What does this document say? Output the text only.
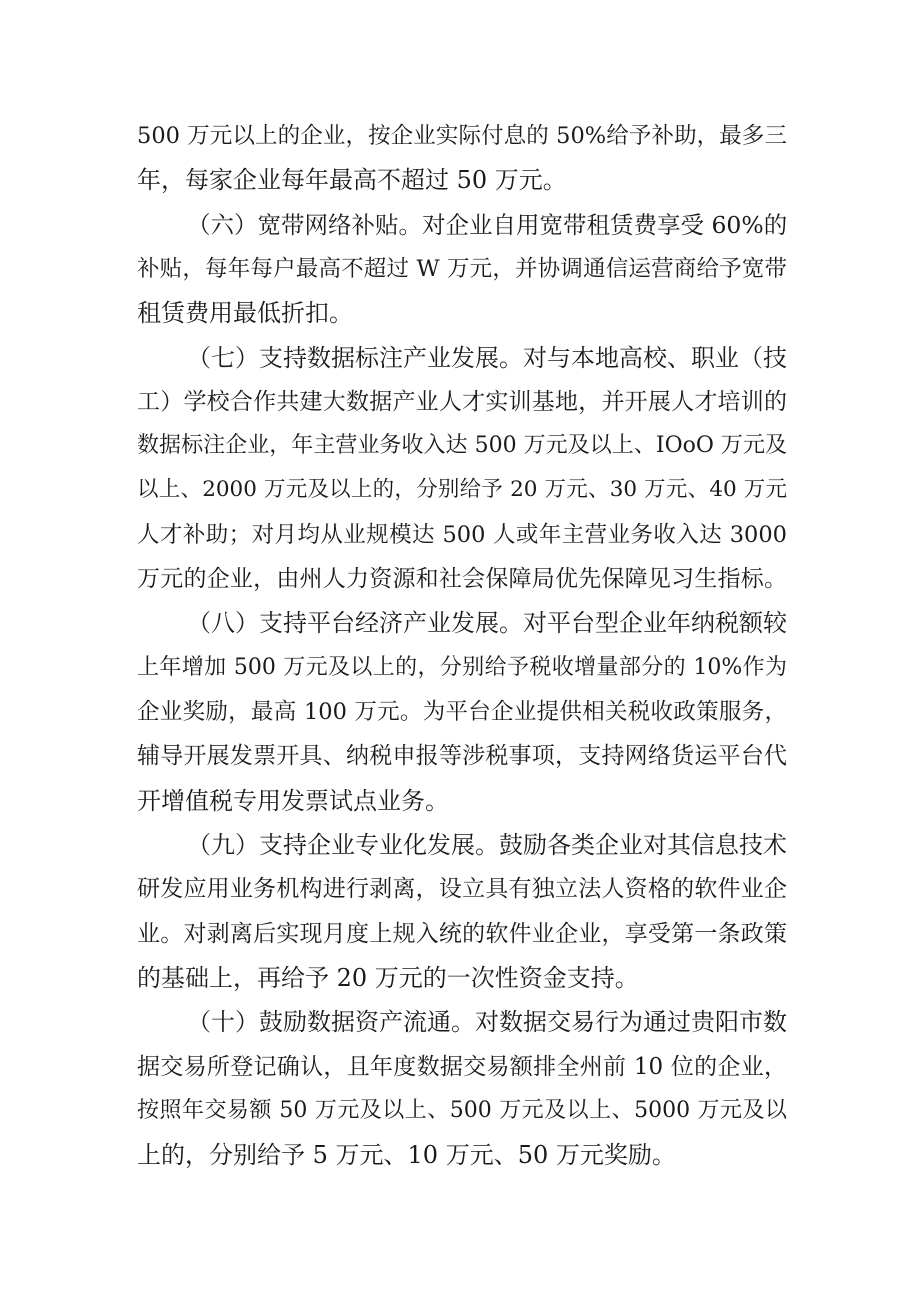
500 万元以上的企业，按企业实际付息的 50%给予补助，最多三
年，每家企业每年最高不超过 50 万元。
（六）宽带网络补贴。对企业自用宽带租赁费享受 60%的
补贴，每年每户最高不超过 W 万元，并协调通信运营商给予宽带
租赁费用最低折扣。
（七）支持数据标注产业发展。对与本地高校、职业（技
工）学校合作共建大数据产业人才实训基地，并开展人才培训的
数据标注企业，年主营业务收入达 500 万元及以上、IOoO 万元及
以上、2000 万元及以上的，分别给予 20 万元、30 万元、40 万元
人才补助；对月均从业规模达 500 人或年主营业务收入达 3000
万元的企业，由州人力资源和社会保障局优先保障见习生指标。
（八）支持平台经济产业发展。对平台型企业年纳税额较
上年增加 500 万元及以上的，分别给予税收增量部分的 10%作为
企业奖励，最高 100 万元。为平台企业提供相关税收政策服务，
辅导开展发票开具、纳税申报等涉税事项，支持网络货运平台代
开增值税专用发票试点业务。
（九）支持企业专业化发展。鼓励各类企业对其信息技术
研发应用业务机构进行剥离，设立具有独立法人资格的软件业企
业。对剥离后实现月度上规入统的软件业企业，享受第一条政策
的基础上，再给予 20 万元的一次性资金支持。
（十）鼓励数据资产流通。对数据交易行为通过贵阳市数
据交易所登记确认，且年度数据交易额排全州前 10 位的企业，
按照年交易额 50 万元及以上、500 万元及以上、5000 万元及以
上的，分别给予 5 万元、10 万元、50 万元奖励。
